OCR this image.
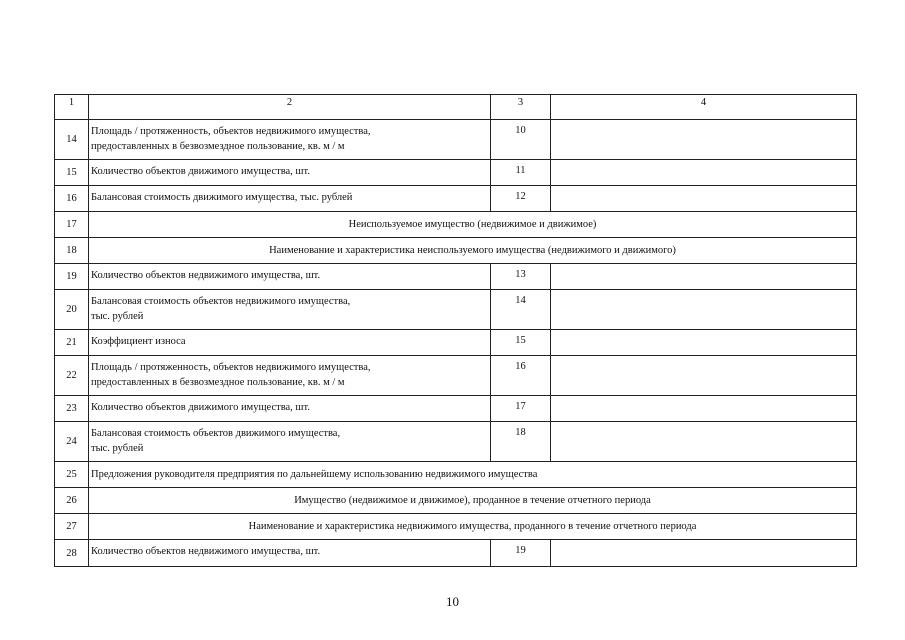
1	2	3	4
14	Площадь / протяженность, объектов недвижимого имущества,
предоставленных в безвозмездное пользование, кв. м / м	10	
15	Количество объектов движимого имущества, шт.	11	
16	Балансовая стоимость движимого имущества, тыс. рублей	12	
17	Неиспользуемое имущество (недвижимое и движимое)		
18	Наименование и характеристика неиспользуемого имущества (недвижимого и движимого)		
19	Количество объектов недвижимого имущества, шт.	13	
20	Балансовая стоимость объектов недвижимого имущества,
тыс. рублей	14	
21	Коэффициент износа	15	
22	Площадь / протяженность, объектов недвижимого имущества,
предоставленных в безвозмездное пользование, кв. м / м	16	
23	Количество объектов движимого имущества, шт.	17	
24	Балансовая стоимость объектов движимого имущества,
тыс. рублей	18	
25	Предложения руководителя предприятия по дальнейшему использованию недвижимого имущества		
26	Имущество (недвижимое и движимое), проданное в течение отчетного периода		
27	Наименование и характеристика недвижимого имущества, проданного в течение отчетного периода		
28	Количество объектов недвижимого имущества, шт.	19	
10
